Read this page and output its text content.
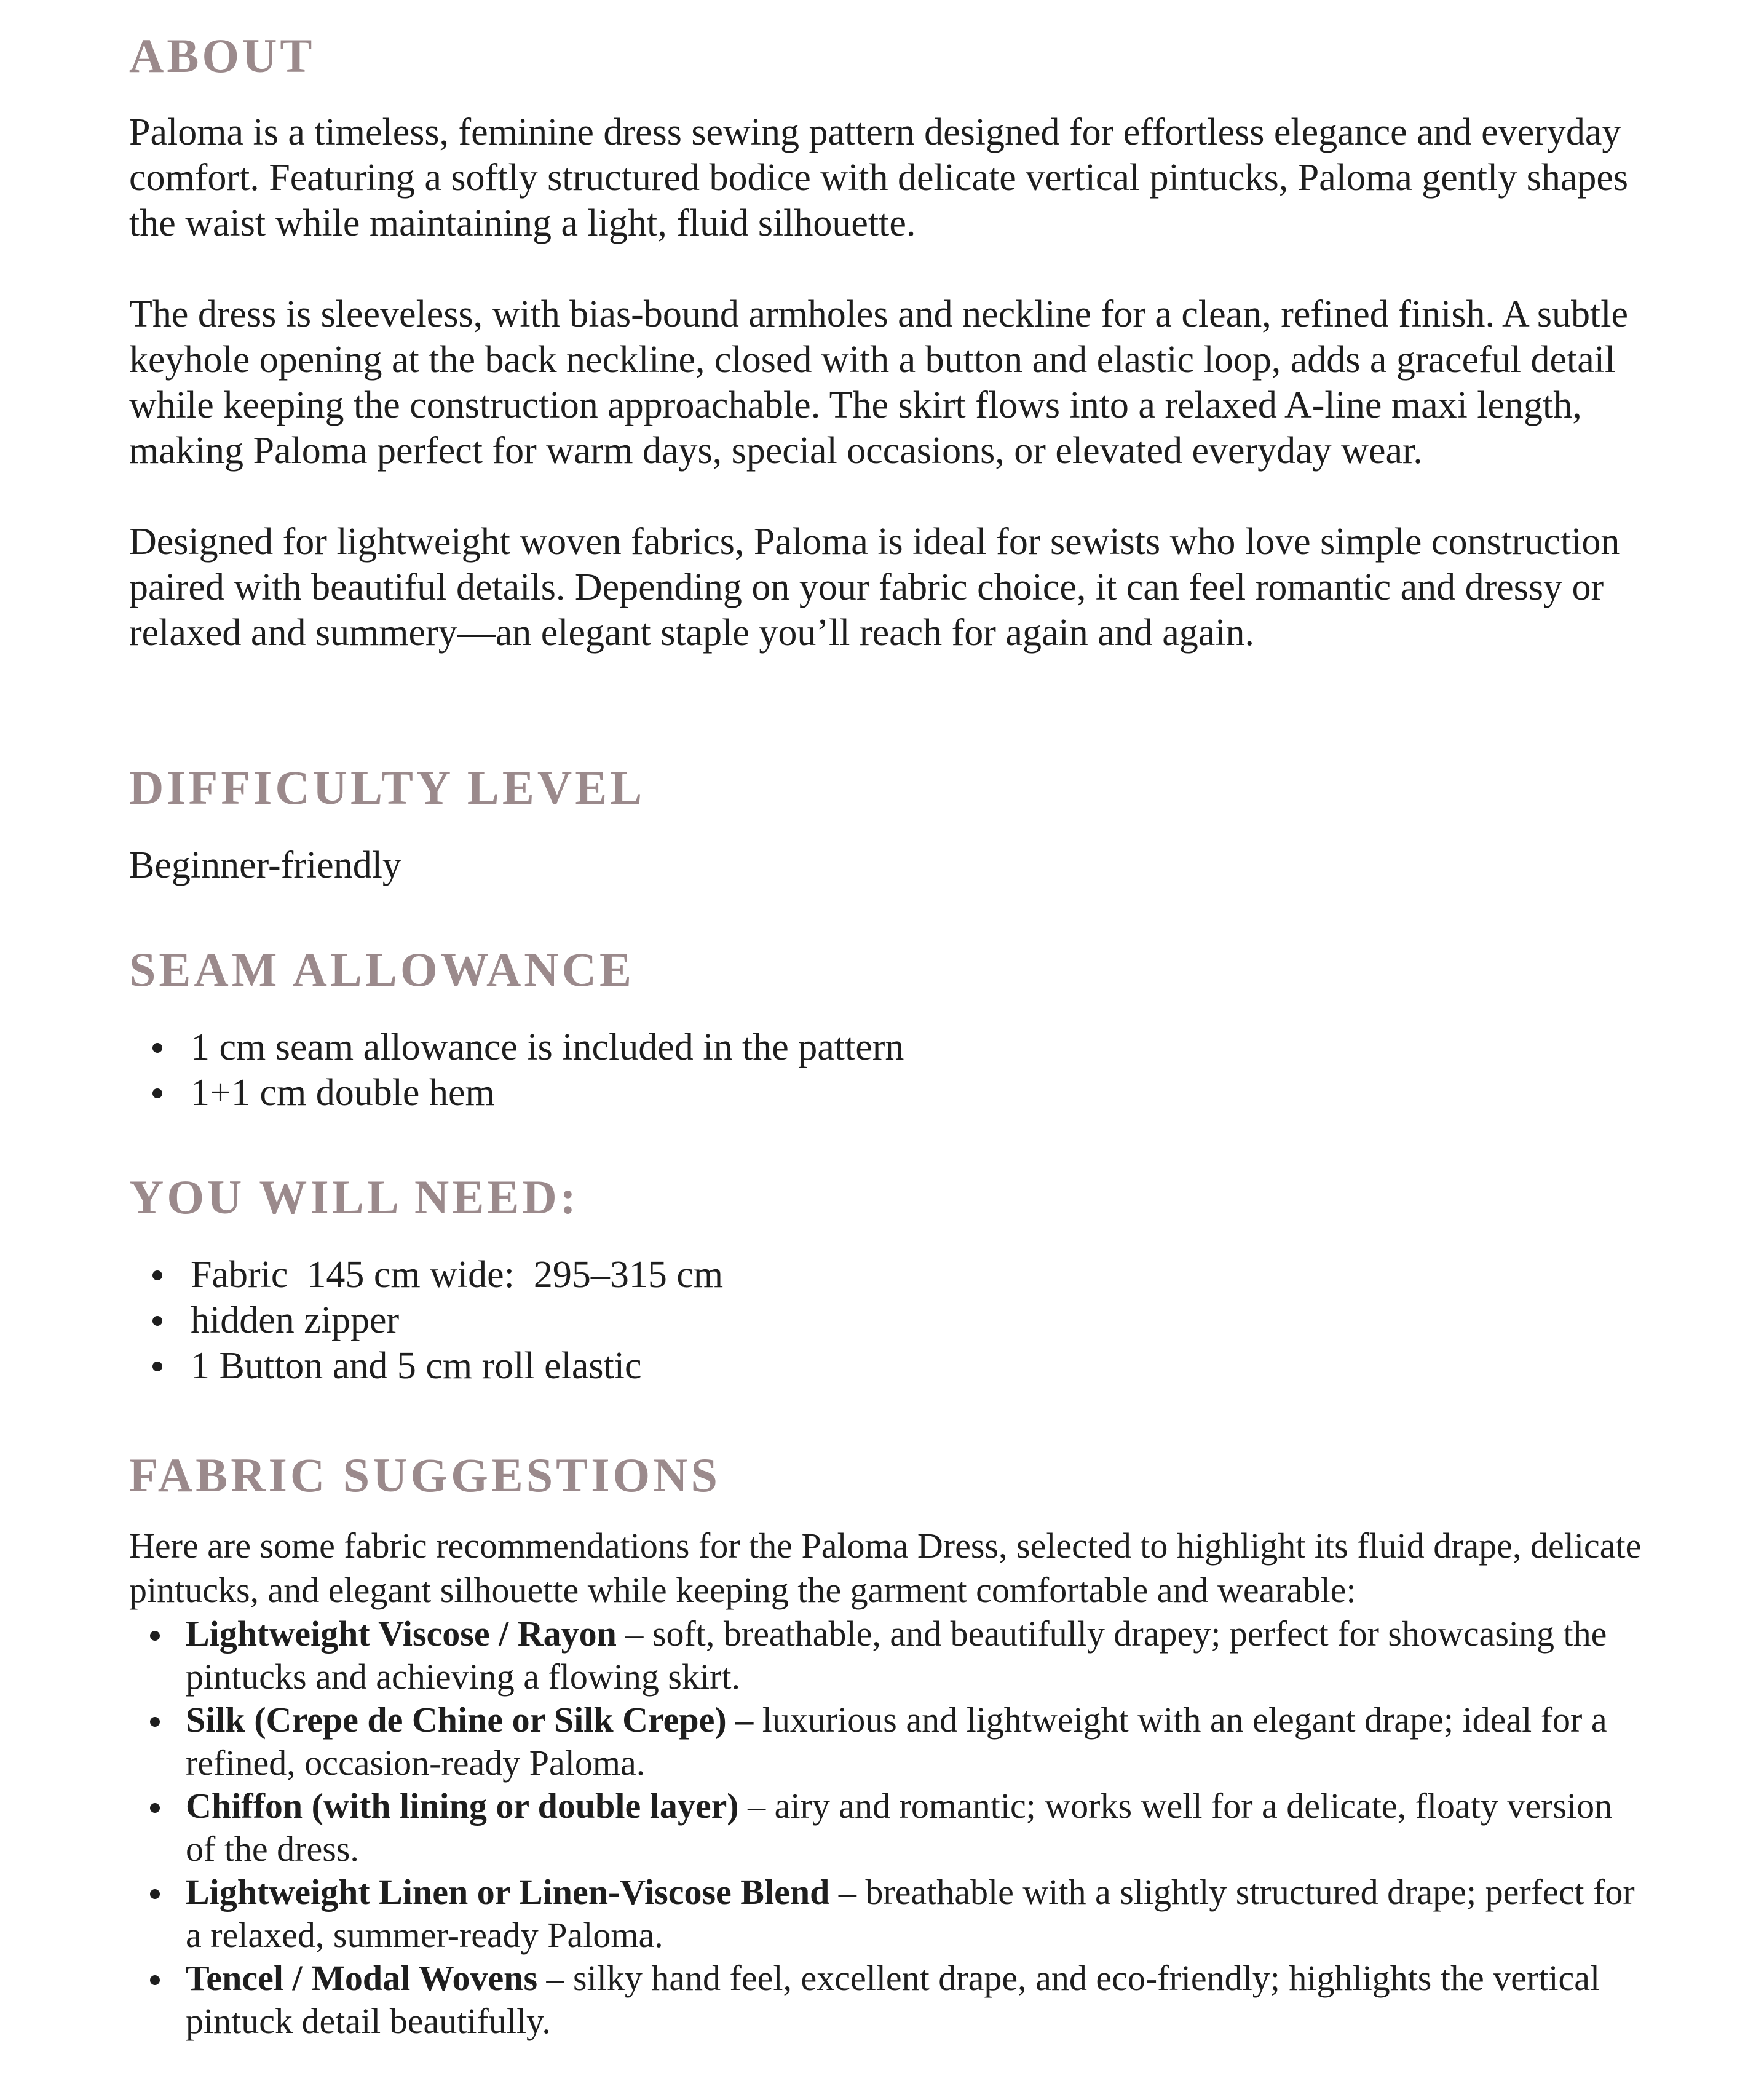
ABOUT

Paloma is a timeless, feminine dress sewing pattern designed for effortless elegance and everyday comfort. Featuring a softly structured bodice with delicate vertical pintucks, Paloma gently shapes the waist while maintaining a light, fluid silhouette.

The dress is sleeveless, with bias-bound armholes and neckline for a clean, refined finish. A subtle keyhole opening at the back neckline, closed with a button and elastic loop, adds a graceful detail while keeping the construction approachable. The skirt flows into a relaxed A-line maxi length, making Paloma perfect for warm days, special occasions, or elevated everyday wear.

Designed for lightweight woven fabrics, Paloma is ideal for sewists who love simple construction paired with beautiful details. Depending on your fabric choice, it can feel romantic and dressy or relaxed and summery—an elegant staple you’ll reach for again and again.

DIFFICULTY LEVEL

Beginner-friendly

SEAM ALLOWANCE
1 cm seam allowance is included in the pattern
1+1 cm double hem
YOU WILL NEED:
Fabric  145 cm wide:  295–315 cm
hidden zipper
1 Button and 5 cm roll elastic
FABRIC SUGGESTIONS

Here are some fabric recommendations for the Paloma Dress, selected to highlight its fluid drape, delicate pintucks, and elegant silhouette while keeping the garment comfortable and wearable:

Lightweight Viscose / Rayon – soft, breathable, and beautifully drapey; perfect for showcasing the pintucks and achieving a flowing skirt.
Silk (Crepe de Chine or Silk Crepe) – luxurious and lightweight with an elegant drape; ideal for a refined, occasion-ready Paloma.
Chiffon (with lining or double layer) – airy and romantic; works well for a delicate, floaty version of the dress.
Lightweight Linen or Linen-Viscose Blend – breathable with a slightly structured drape; perfect for a relaxed, summer-ready Paloma.
Tencel / Modal Wovens – silky hand feel, excellent drape, and eco-friendly; highlights the vertical pintuck detail beautifully.
